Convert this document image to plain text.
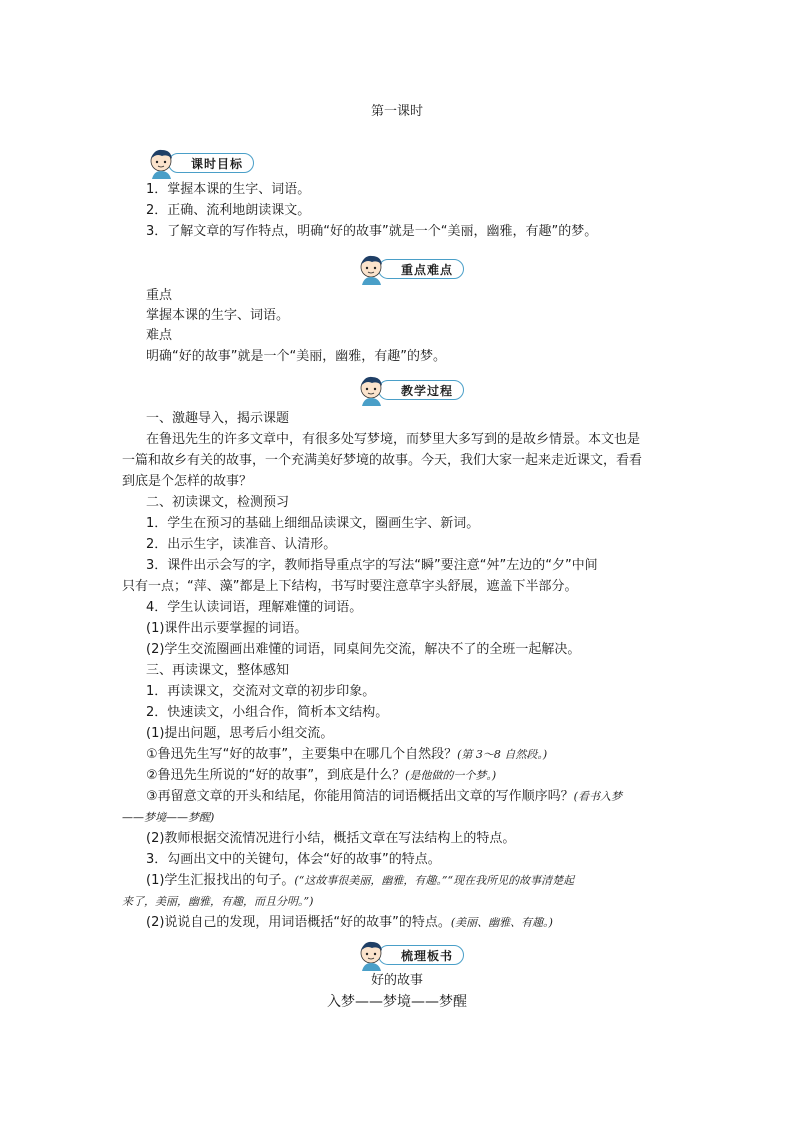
第一课时
课时目标
1．掌握本课的生字、词语。
2．正确、流利地朗读课文。
3．了解文章的写作特点，明确“好的故事”就是一个“美丽，幽雅，有趣”的梦。
重点难点
重点
掌握本课的生字、词语。
难点
明确“好的故事”就是一个“美丽，幽雅，有趣”的梦。
教学过程
一、激趣导入，揭示课题
在鲁迅先生的许多文章中，有很多处写梦境，而梦里大多写到的是故乡情景。本文也是
一篇和故乡有关的故事，一个充满美好梦境的故事。今天，我们大家一起来走近课文，看看
到底是个怎样的故事？
二、初读课文，检测预习
1．学生在预习的基础上细细品读课文，圈画生字、新词。
2．出示生字，读准音、认清形。
3．课件出示会写的字，教师指导重点字的写法“瞬”要注意“舛”左边的“夕”中间
只有一点；“萍、藻”都是上下结构，书写时要注意草字头舒展，遮盖下半部分。
4．学生认读词语，理解难懂的词语。
(1)课件出示要掌握的词语。
(2)学生交流圈画出难懂的词语，同桌间先交流，解决不了的全班一起解决。
三、再读课文，整体感知
1．再读课文，交流对文章的初步印象。
2．快速读文，小组合作，简析本文结构。
(1)提出问题，思考后小组交流。
①鲁迅先生写“好的故事”，主要集中在哪几个自然段？(第 3～8 自然段。)
②鲁迅先生所说的“好的故事”，到底是什么？(是他做的一个梦。)
③再留意文章的开头和结尾，你能用简洁的词语概括出文章的写作顺序吗？(看书入梦
——梦境——梦醒)
(2)教师根据交流情况进行小结，概括文章在写法结构上的特点。
3．勾画出文中的关键句，体会“好的故事”的特点。
(1)学生汇报找出的句子。(“这故事很美丽，幽雅，有趣。”“现在我所见的故事清楚起
来了，美丽，幽雅，有趣，而且分明。”)
(2)说说自己的发现，用词语概括“好的故事”的特点。(美丽、幽雅、有趣。)
梳理板书
好的故事
入梦——梦境——梦醒
